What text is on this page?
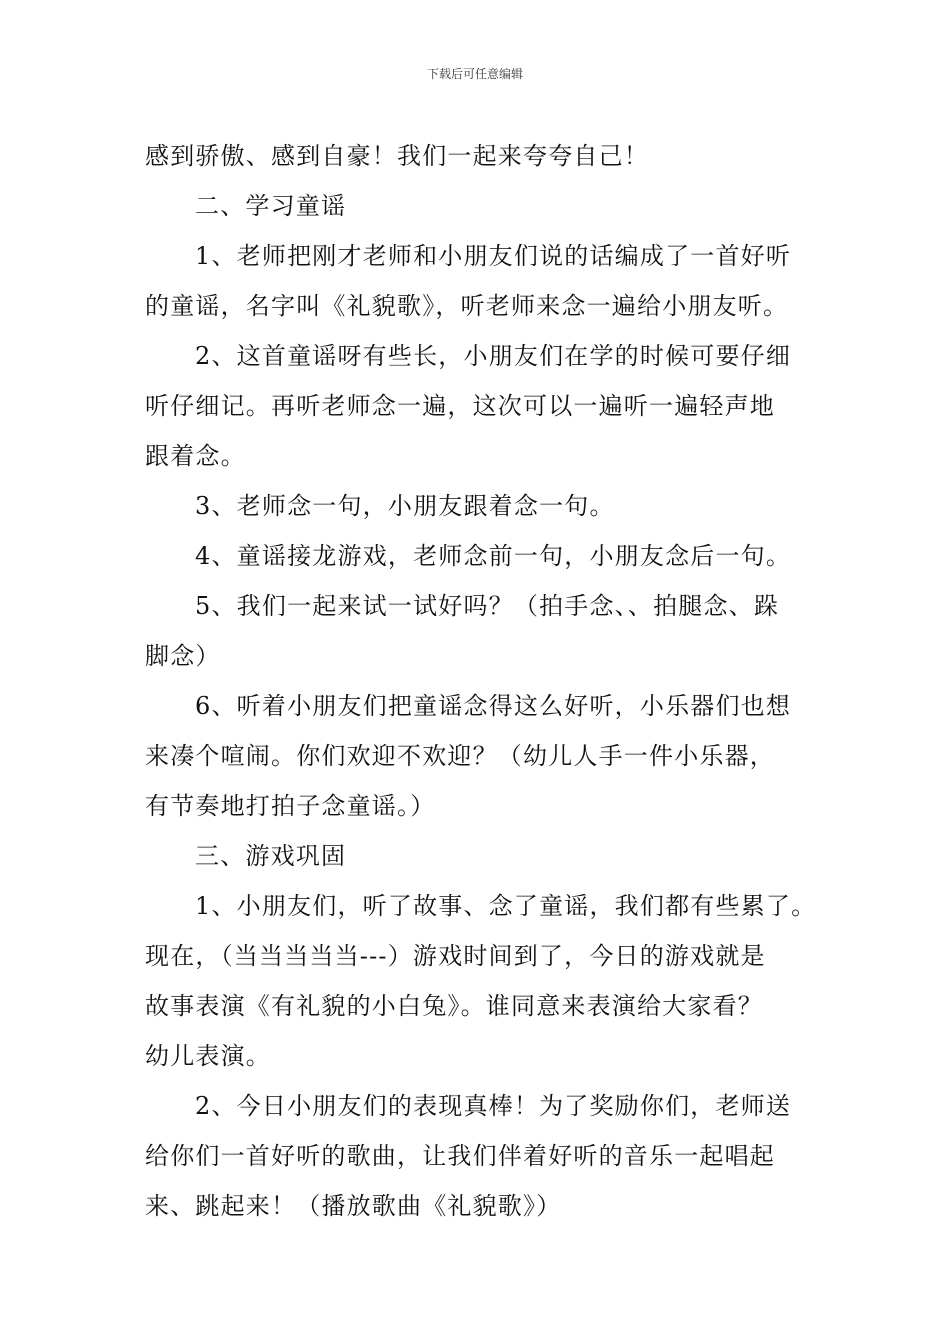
下载后可任意编辑

感到骄傲、感到自豪！我们一起来夸夸自己！

二、学习童谣

1、老师把刚才老师和小朋友们说的话编成了一首好听
的童谣，名字叫《礼貌歌》，听老师来念一遍给小朋友听。

2、这首童谣呀有些长，小朋友们在学的时候可要仔细
听仔细记。再听老师念一遍，这次可以一遍听一遍轻声地
跟着念。

3、老师念一句，小朋友跟着念一句。

4、童谣接龙游戏，老师念前一句，小朋友念后一句。

5、我们一起来试一试好吗？（拍手念、、拍腿念、跺
脚念）

6、听着小朋友们把童谣念得这么好听，小乐器们也想
来凑个喧闹。你们欢迎不欢迎？（幼儿人手一件小乐器，
有节奏地打拍子念童谣。）

三、游戏巩固

1、小朋友们，听了故事、念了童谣，我们都有些累了。
现在，（当当当当当---）游戏时间到了，今日的游戏就是
故事表演《有礼貌的小白兔》。谁同意来表演给大家看？
幼儿表演。

2、今日小朋友们的表现真棒！为了奖励你们，老师送
给你们一首好听的歌曲，让我们伴着好听的音乐一起唱起
来、跳起来！（播放歌曲《礼貌歌》）
